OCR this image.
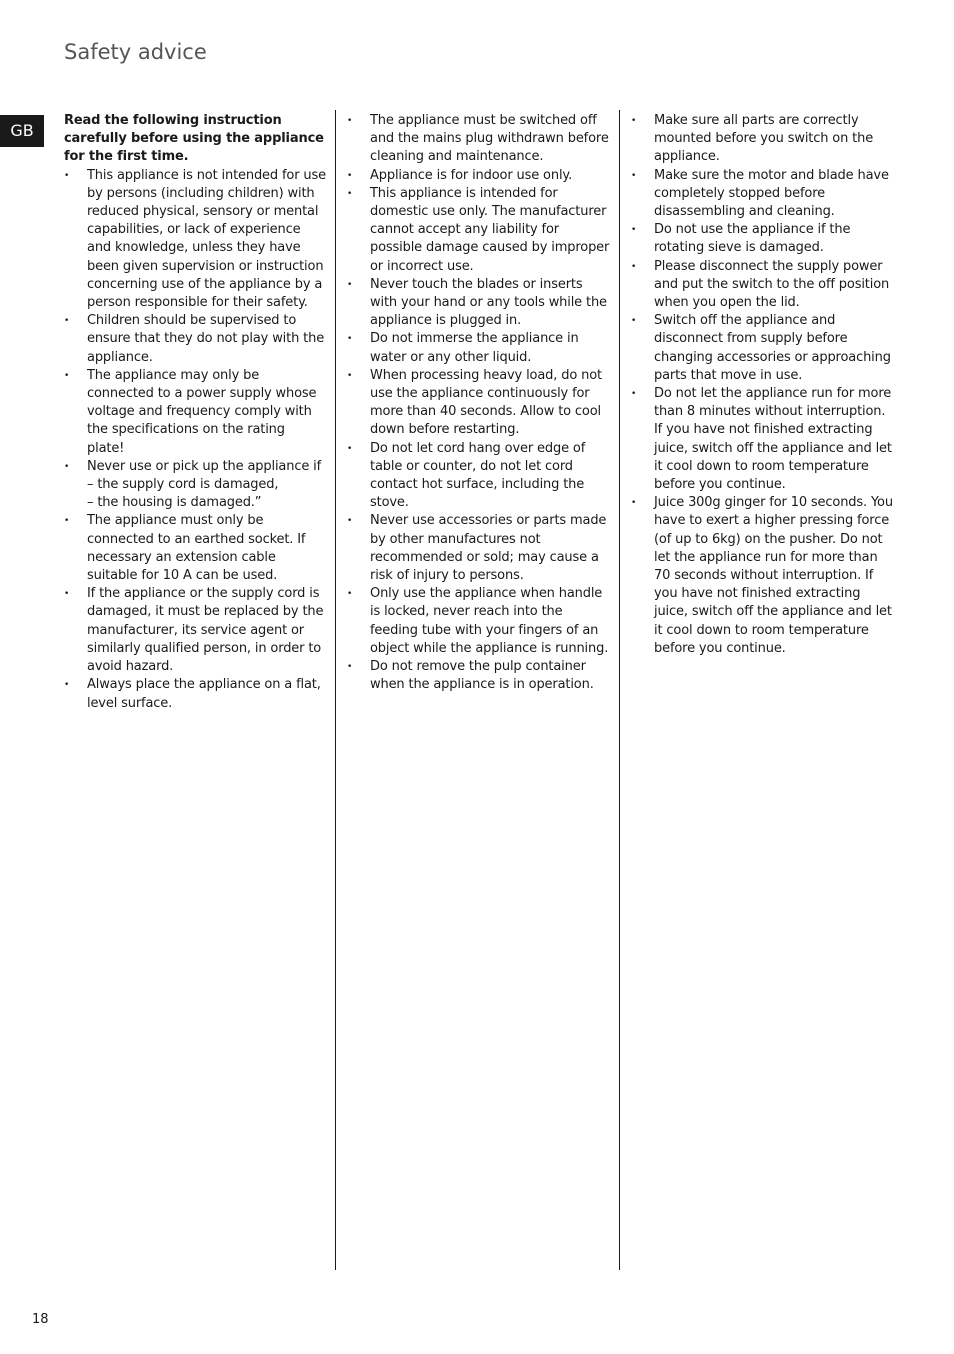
Safety advice
GB

Read the following instruction carefully before using the appliance for the first time.

• This appliance is not intended for use by persons (including children) with reduced physical, sensory or mental capabilities, or lack of experience and knowledge, unless they have been given supervision or instruction concerning use of the appliance by a person responsible for their safety.
• Children should be supervised to ensure that they do not play with the appliance.
• The appliance may only be connected to a power supply whose voltage and frequency comply with the specifications on the rating plate!
• Never use or pick up the appliance if
– the supply cord is damaged,
– the housing is damaged.”
• The appliance must only be connected to an earthed socket. If necessary an extension cable suitable for 10 A can be used.
• If the appliance or the supply cord is damaged, it must be replaced by the manufacturer, its service agent or similarly qualified person, in order to avoid hazard.
• Always place the appliance on a flat, level surface.
• The appliance must be switched off and the mains plug withdrawn before cleaning and maintenance.
• Appliance is for indoor use only.
• This appliance is intended for domestic use only. The manufacturer cannot accept any liability for possible damage caused by improper or incorrect use.
• Never touch the blades or inserts with your hand or any tools while the appliance is plugged in.
• Do not immerse the appliance in water or any other liquid.
• When processing heavy load, do not use the appliance continuously for more than 40 seconds. Allow to cool down before restarting.
• Do not let cord hang over edge of table or counter, do not let cord contact hot surface, including the stove.
• Never use accessories or parts made by other manufactures not recommended or sold; may cause a risk of injury to persons.
• Only use the appliance when handle is locked, never reach into the feeding tube with your fingers of an object while the appliance is running.
• Do not remove the pulp container when the appliance is in operation.
• Make sure all parts are correctly mounted before you switch on the appliance.
• Make sure the motor and blade have completely stopped before disassembling and cleaning.
• Do not use the appliance if the rotating sieve is damaged.
• Please disconnect the supply power and put the switch to the off position when you open the lid.
• Switch off the appliance and disconnect from supply before changing accessories or approaching parts that move in use.
• Do not let the appliance run for more than 8 minutes without interruption. If you have not finished extracting juice, switch off the appliance and let it cool down to room temperature before you continue.
• Juice 300g ginger for 10 seconds. You have to exert a higher pressing force (of up to 6kg) on the pusher. Do not let the appliance run for more than 70 seconds without interruption. If you have not finished extracting juice, switch off the appliance and let it cool down to room temperature before you continue.
18
